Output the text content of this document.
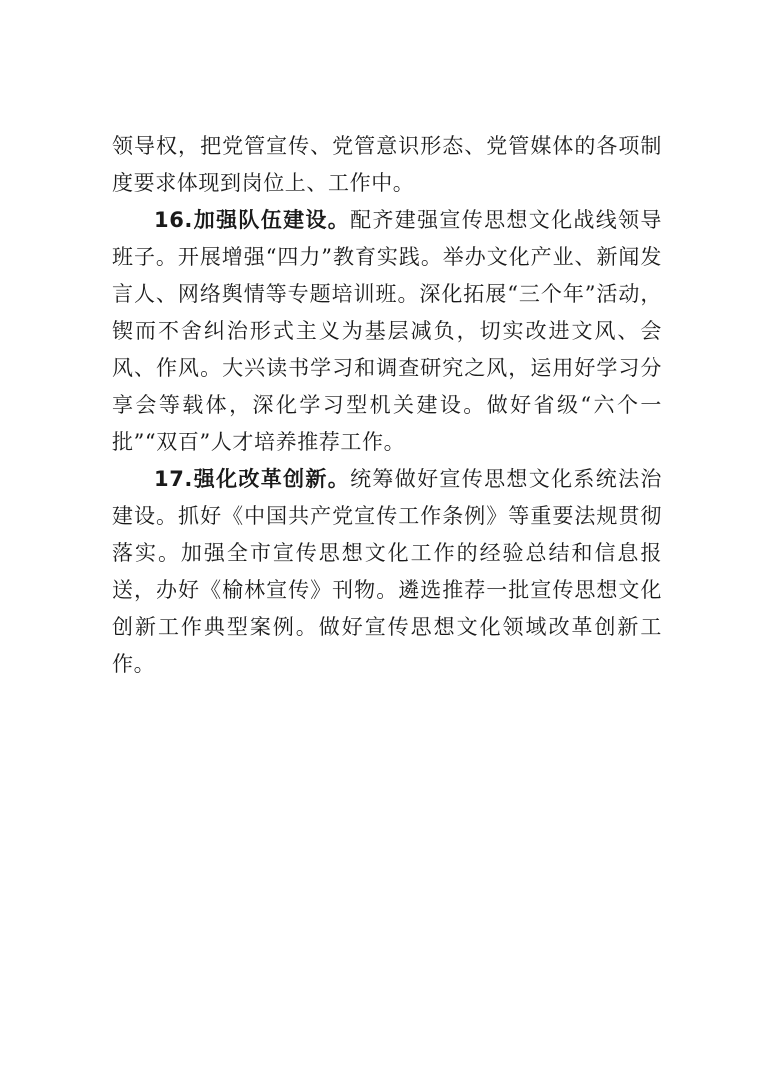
领导权，把党管宣传、党管意识形态、党管媒体的各项制度要求体现到岗位上、工作中。

16.加强队伍建设。配齐建强宣传思想文化战线领导班子。开展增强“四力”教育实践。举办文化产业、新闻发言人、网络舆情等专题培训班。深化拓展“三个年”活动，锲而不舍纠治形式主义为基层减负，切实改进文风、会风、作风。大兴读书学习和调查研究之风，运用好学习分享会等载体，深化学习型机关建设。做好省级“六个一批”“双百”人才培养推荐工作。

17.强化改革创新。统筹做好宣传思想文化系统法治建设。抓好《中国共产党宣传工作条例》等重要法规贯彻落实。加强全市宣传思想文化工作的经验总结和信息报送，办好《榆林宣传》刊物。遴选推荐一批宣传思想文化创新工作典型案例。做好宣传思想文化领域改革创新工作。
